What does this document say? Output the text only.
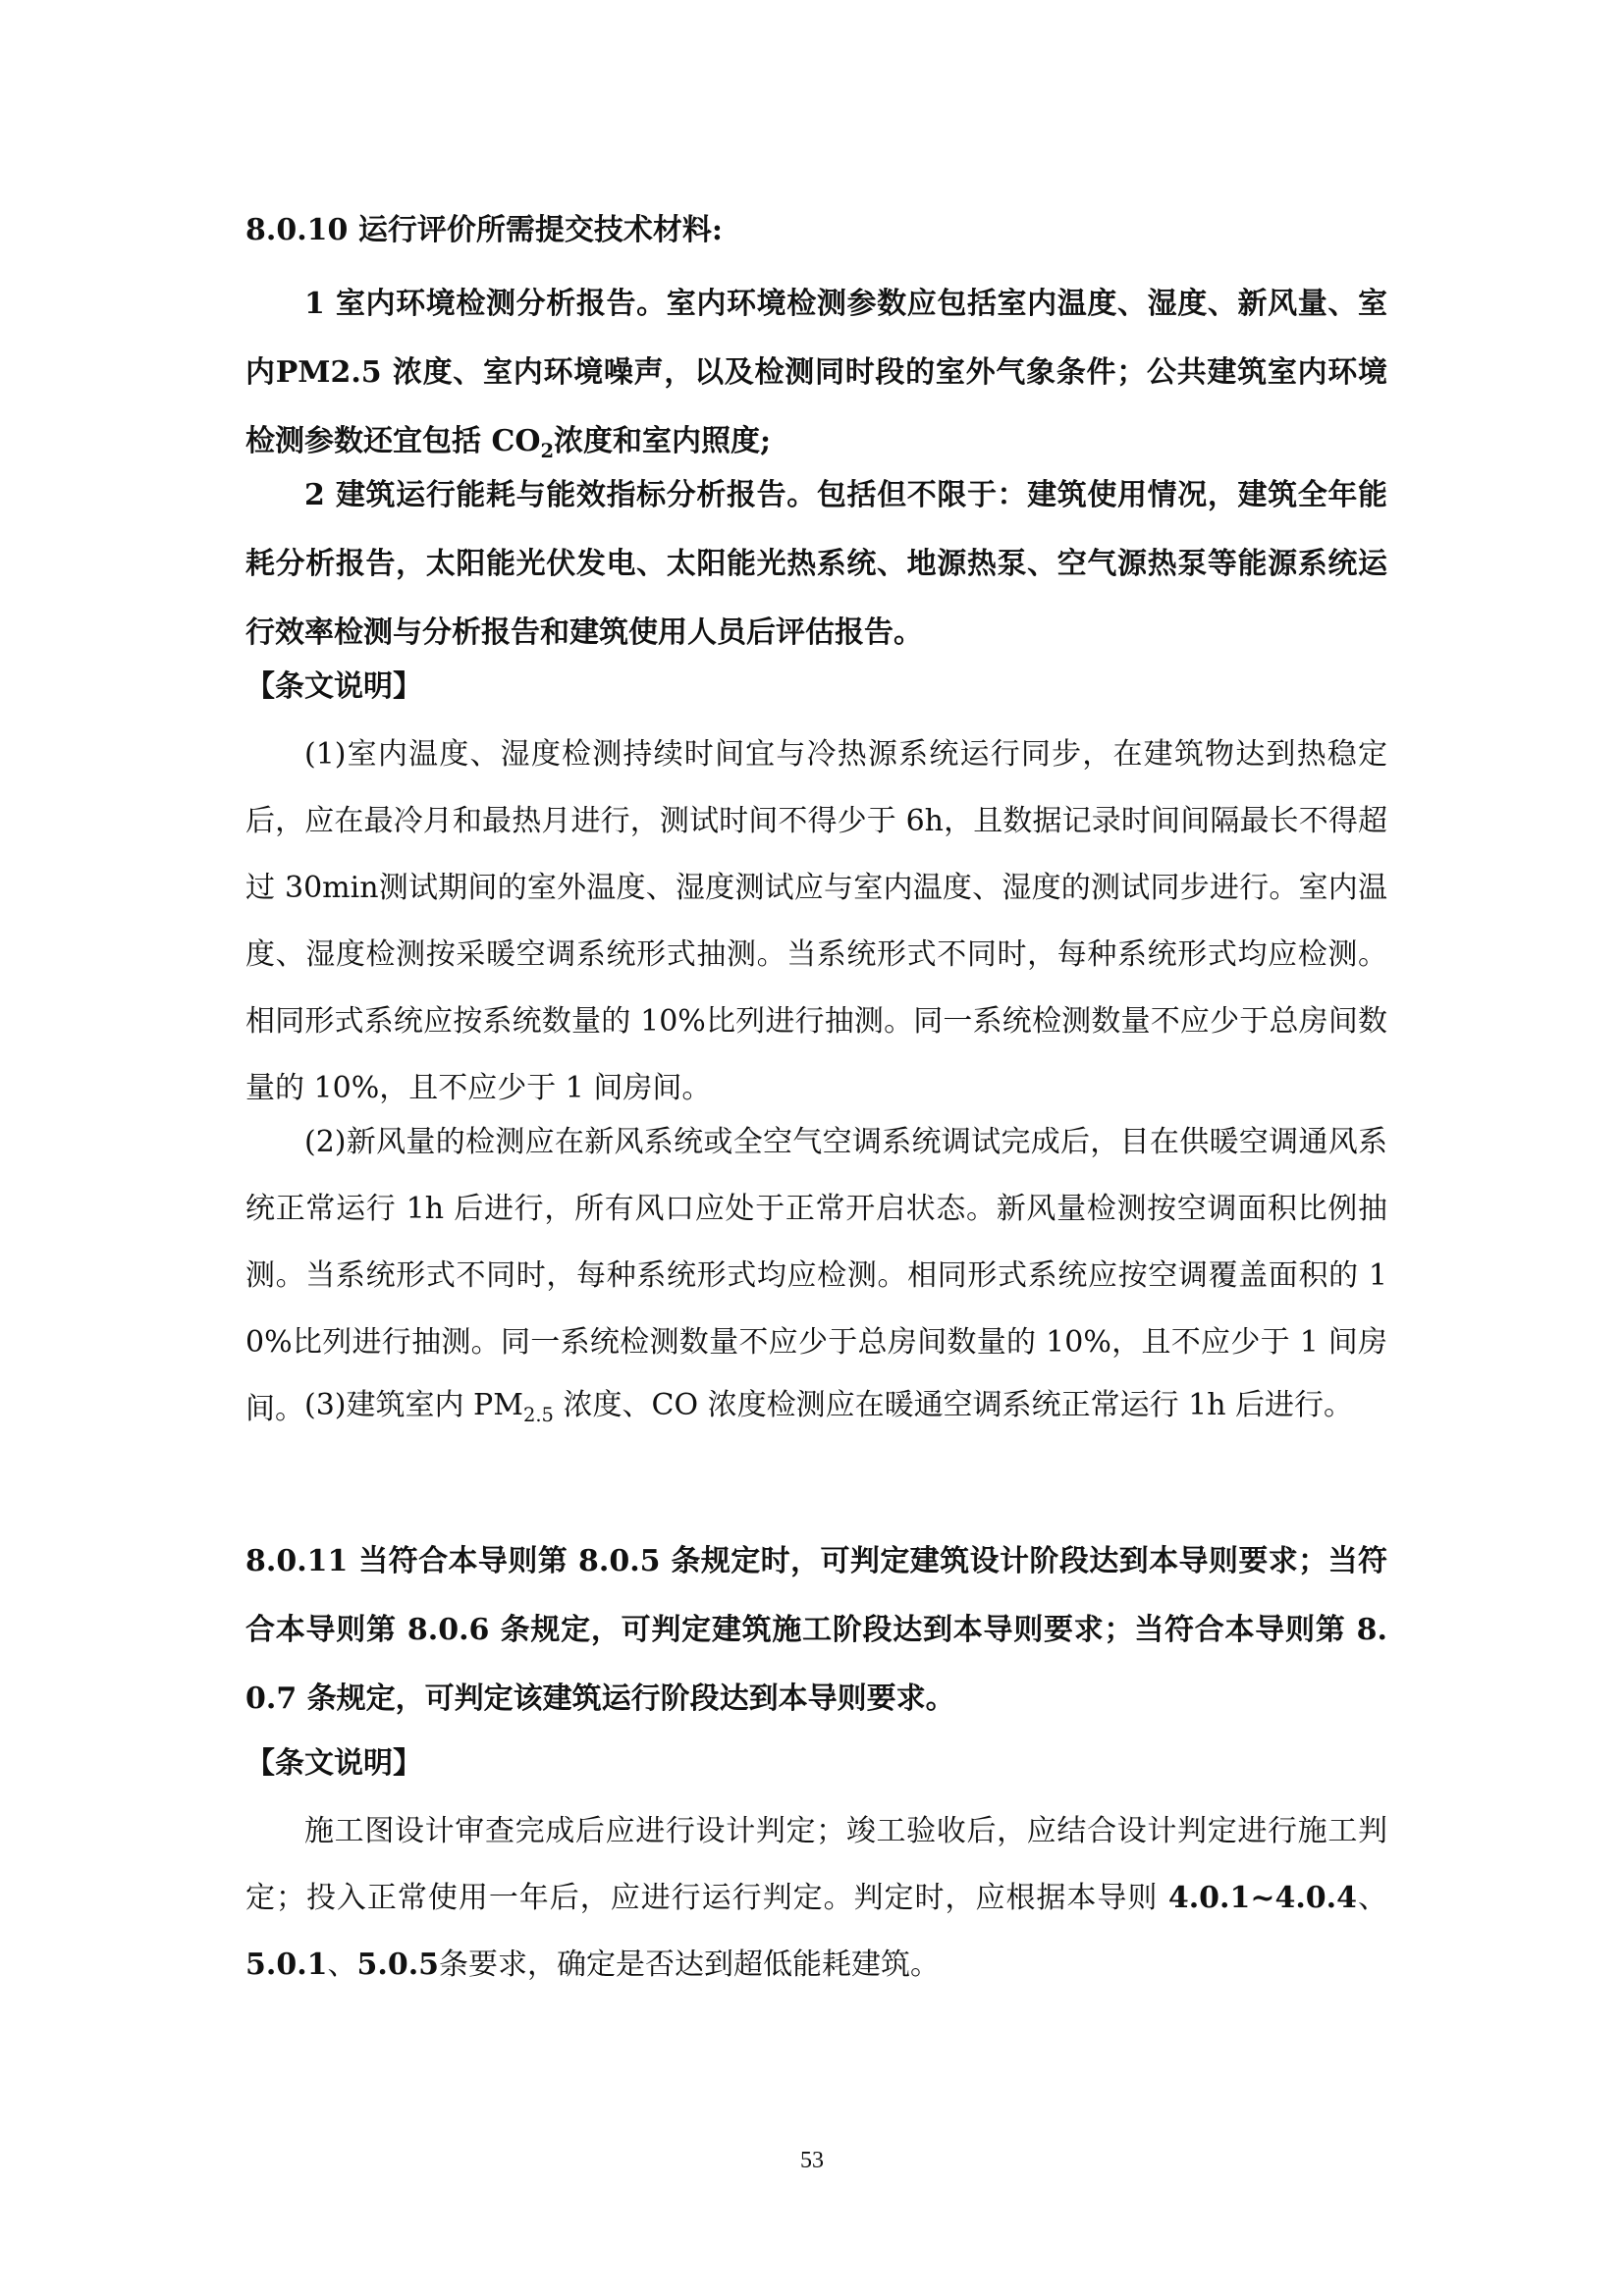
8.0.10 运行评价所需提交技术材料:

1 室内环境检测分析报告。室内环境检测参数应包括室内温度、湿度、新风量、室内PM2.5 浓度、室内环境噪声，以及检测同时段的室外气象条件；公共建筑室内环境检测参数还宜包括 $CO_2$浓度和室内照度;

2 建筑运行能耗与能效指标分析报告。包括但不限于：建筑使用情况，建筑全年能耗分析报告，太阳能光伏发电、太阳能光热系统、地源热泵、空气源热泵等能源系统运行效率检测与分析报告和建筑使用人员后评估报告。

【条文说明】

(1)室内温度、湿度检测持续时间宜与冷热源系统运行同步，在建筑物达到热稳定后，应在最冷月和最热月进行，测试时间不得少于 6h，且数据记录时间间隔最长不得超过 30min测试期间的室外温度、湿度测试应与室内温度、湿度的测试同步进行。室内温度、湿度检测按采暖空调系统形式抽测。当系统形式不同时，每种系统形式均应检测。相同形式系统应按系统数量的 10%比列进行抽测。同一系统检测数量不应少于总房间数量的 10%，且不应少于 1 间房间。

(2)新风量的检测应在新风系统或全空气空调系统调试完成后，目在供暖空调通风系统正常运行 1h 后进行，所有风口应处于正常开启状态。新风量检测按空调面积比例抽测。当系统形式不同时，每种系统形式均应检测。相同形式系统应按空调覆盖面积的 10%比列进行抽测。同一系统检测数量不应少于总房间数量的 10%，且不应少于 1 间房间。 (3)建筑室内 $PM_{2.5}$ 浓度、CO 浓度检测应在暖通空调系统正常运行 1h 后进行。

8.0.11 当符合本导则第 8.0.5 条规定时，可判定建筑设计阶段达到本导则要求；当符合本导则第 8.0.6 条规定，可判定建筑施工阶段达到本导则要求；当符合本导则第 8.0.7 条规定，可判定该建筑运行阶段达到本导则要求。

【条文说明】

施工图设计审查完成后应进行设计判定；竣工验收后，应结合设计判定进行施工判定；投入正常使用一年后，应进行运行判定。判定时，应根据本导则 4.0.1~4.0.4、5.0.1、5.0.5条要求，确定是否达到超低能耗建筑。

53
